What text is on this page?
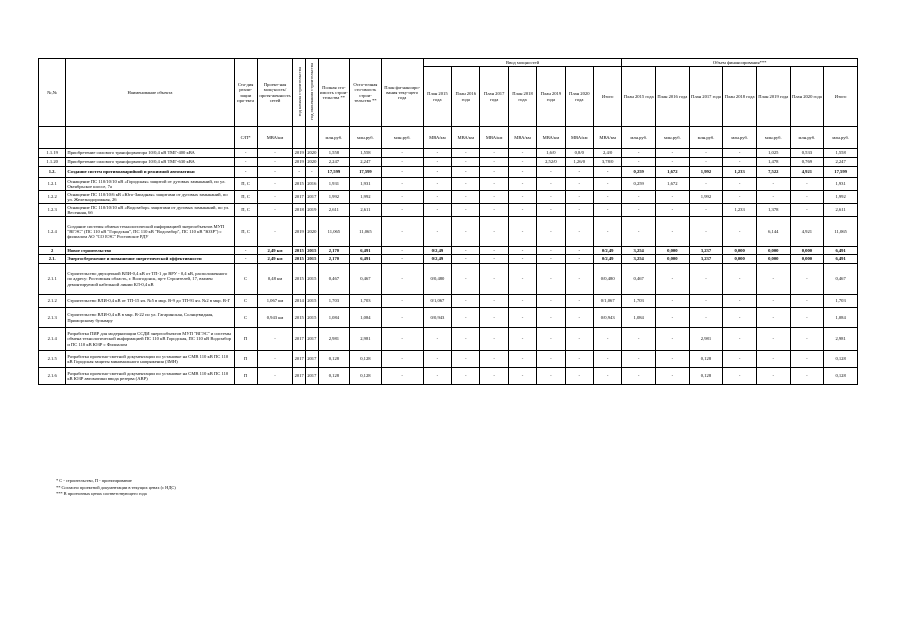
№,№	Наименование объекта	Ста-дия реали-зации про-екта	Проект-ная мощ-ность/ протя-женность сетей	год начала строительства	год окончания строительства	Полная сто-имость строи-тельства **	Оста-точная сто-имость строи-тельства **	План фи-нансиро-вания теку-щего года	Ввод мощностей							Объем финансирования***						
									План 2015 года	План 2016 года	План 2017 года	План 2018 года	План 2019 года	План 2020 года	Итого	План 2015 года	План 2016 года	План 2017 года	План 2018 года	План 2019 года	План 2020 года	Итого
		С/П*	МВА/км			млн.руб.	млн.руб.	млн.руб.	МВА/км	МВА/км	МВА/км	МВА/км	МВА/км	МВА/км	МВА/км	млн.руб.	млн.руб.	млн.руб.	млн.руб.	млн.руб.	млн.руб.	млн.руб.
1.1.19	Приобретение силового трансформатора 10/0,4 кВ ТМГ-400 кВА	-	-	2019	2020	1,558	1,558	-	-	-	-	-	1,6/0	0,8/0	2,4/0	-	-	-	-	1,025	0,533	1,558
1.1.20	Приобретение силового трансформатора 10/0,4 кВ ТМГ-630 кВА	-	-	2019	2020	2,247	2,247	-	-	-	-	-	2,52/0	1,26/0	3,78/0	-	-	-	-	1,478	0,769	2,247
1.2.	Создание систем противоаварийной и режимной автоматики	-	-	-	-	17,599	17,599	-	-	-	-	-	-	-	-	0,259	1,672	1,992	1,233	7,522	4,921	17,599
1.2.1	Оснащение ПС 110/10/10 кВ «Городская» защитой от дуговых замыканий, по ул. Октябрьское шоссе, 7а	П, С	-	2015	2016	1,931	1,931	-	-	-	-	-	-	-	-	0,259	1,672	-	-	-	-	1,931
1.2.2	Оснащение ПС 110/10/6 кВ «Юго-Западная» защитами от дуговых замыканий, по ул. Железнодорожная, 26	П, С	-	2017	2017	1,992	1,992	-	-	-	-	-	-	-	-	-	-	1,992	-	-	-	1,992
1.2.3	Оснащение ПС 110/10/10 кВ «Водозабор» защитами от дуговых замыканий, по ул. Весенняя, 6б	П, С	-	2018	2019	2,611	2,611	-	-	-	-	-	-	-	-	-	-	-	1,233	1,378	-	2,611
1.2.4	Создание системы обмена технологической информацией энергообъектов МУП "ВГЭС" (ПС 110 кВ "Городская", ПС 110 кВ "Водозабор", ПС 110 кВ "ЮЗР") с филиалом АО "СО ЕЭС" Ростовское РДУ	П, С	-	2019	2020	11,065	11,065	-	-	-	-	-	-	-	-	-	-	-	-	6,144	4,921	11,065
2	Новое строительство	-	2,49 км	2015	2015	2,170	6,491	-	0/2,49	-	-	-	-	-	0/2,49	3,254	0,000	3,237	0,000	0,000	0,000	6,491
2.1.	Энергосбережение и повышение энергетической эффективности	-	2,49 км	2015	2015	2,170	6,491	-	0/2,49	-	-	-	-	-	0/2,49	3,254	0,000	3,237	0,000	0,000	0,000	6,491
2.1.1	Строительство двухцепной ВЛИ-0,4 кВ от ТП-1 до ВРУ - 0,4 кВ, расположенного по адресу: Ростовская область, г. Волгодонск, пр-т Строителей, 17, взамен демонтируемой кабельной линии КЛ-0,4 кВ	С	0,48 км	2015	2015	0,467	0,467	-	0/0,480	-	-	-	-	-	0/0,480	0,467	-	-	-	-	-	0,467
2.1.2	Строительство ВЛИ-0,4 кВ от ТП-15 яч. №5 в мкр. В-9 до ТП-91 яч. №2 в мкр. В-Г	С	1,067 км	2014	2015	1,703	1,703	-	0/1,067	-	-	-	-	-	0/1,067	1,703	-	-	-	-	-	1,703
2.1.3	Строительство ВЛИ-0,4 кВ в мкр. В-22 по ул. Гагаринская, Солнцевидная, Приморскому бульвару	С	0,943 км	2015	2015	1,084	1,084	-	0/0,943	-	-	-	-	-	0/0,943	1,084	-	-	-	-	-	1,084
2.1.4	Разработка ПИР для модернизации ССДИ энергообъектов МУП "ВГЭС" и системы обмена технологической информацией ПС 110 кВ Городская, ПС 110 кВ Водозабор и ПС 110 кВ ЮЗР с Филиалом	П	-	2017	2017	2,981	2,981	-	-	-	-	-	-	-	-	-	-	2,981	-	-	-	2,981
2.1.5	Разработка проектно-сметной документации по установке на СМВ 110 кВ ПС 110 кВ Городская защиты минимального напряжения (ЗМН)	П	-	2017	2017	0,128	0,128	-	-	-	-	-	-	-	-	-	-	0,128	-	-	-	0,128
2.1.6	Разработка проектно-сметной документации по установке на СМВ 110 кВ ПС 110 кВ ЮЗР автоматики ввода резерва (АВР)	П	-	2017	2017	0,128	0,128	-	-	-	-	-	-	-	-	-	-	0,128	-	-	-	0,128
* С - строительство, П - проектирование
** Согласно проектной документации в текущих ценах (с НДС)
*** В прогнозных ценах соответствующего года
